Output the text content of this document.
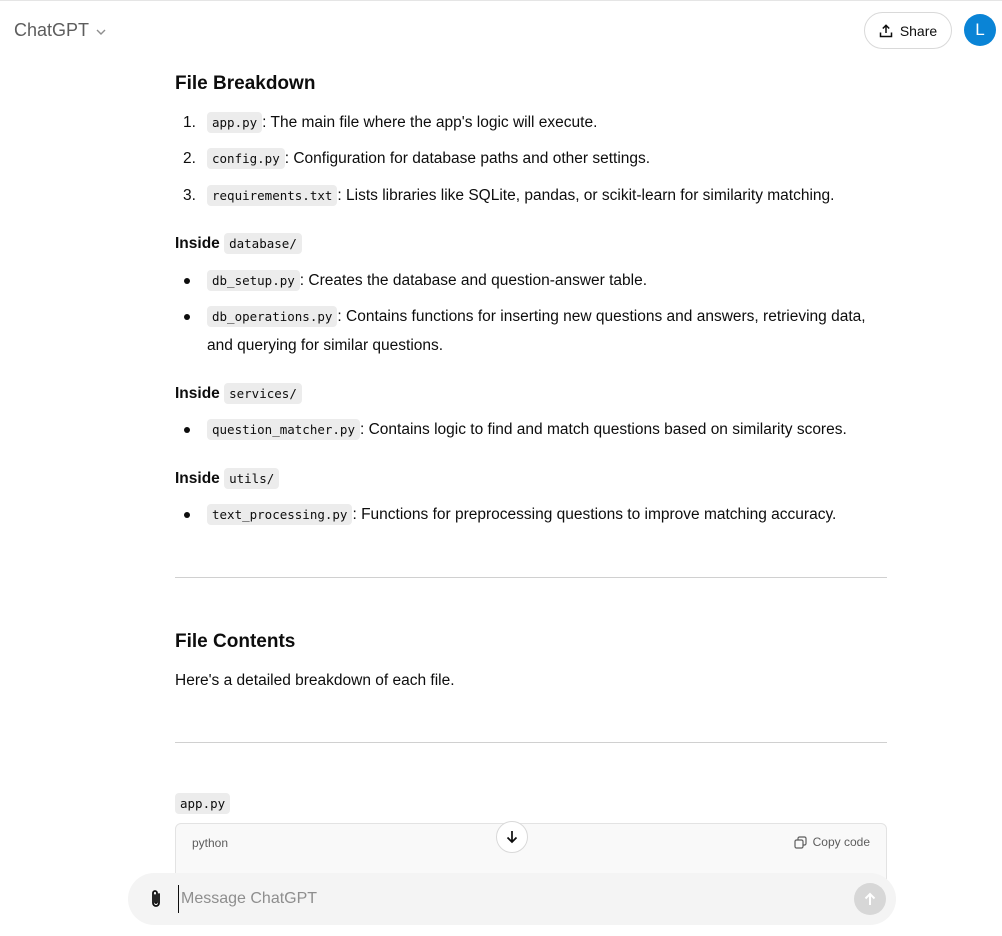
ChatGPT	Share	L
File Breakdown
1.	app.py : The main file where the app's logic will execute.
2.	config.py : Configuration for database paths and other settings.
3.	requirements.txt : Lists libraries like SQLite, pandas, or scikit-learn for similarity matching.
Inside database/
db_setup.py : Creates the database and question-answer table.
db_operations.py : Contains functions for inserting new questions and answers, retrieving data,
and querying for similar questions.
Inside services/
question_matcher.py : Contains logic to find and match questions based on similarity scores.
Inside utils/
text_processing.py : Functions for preprocessing questions to improve matching accuracy.
File Contents
Here's a detailed breakdown of each file.
app.py
python	Copy code
Message ChatGPT
